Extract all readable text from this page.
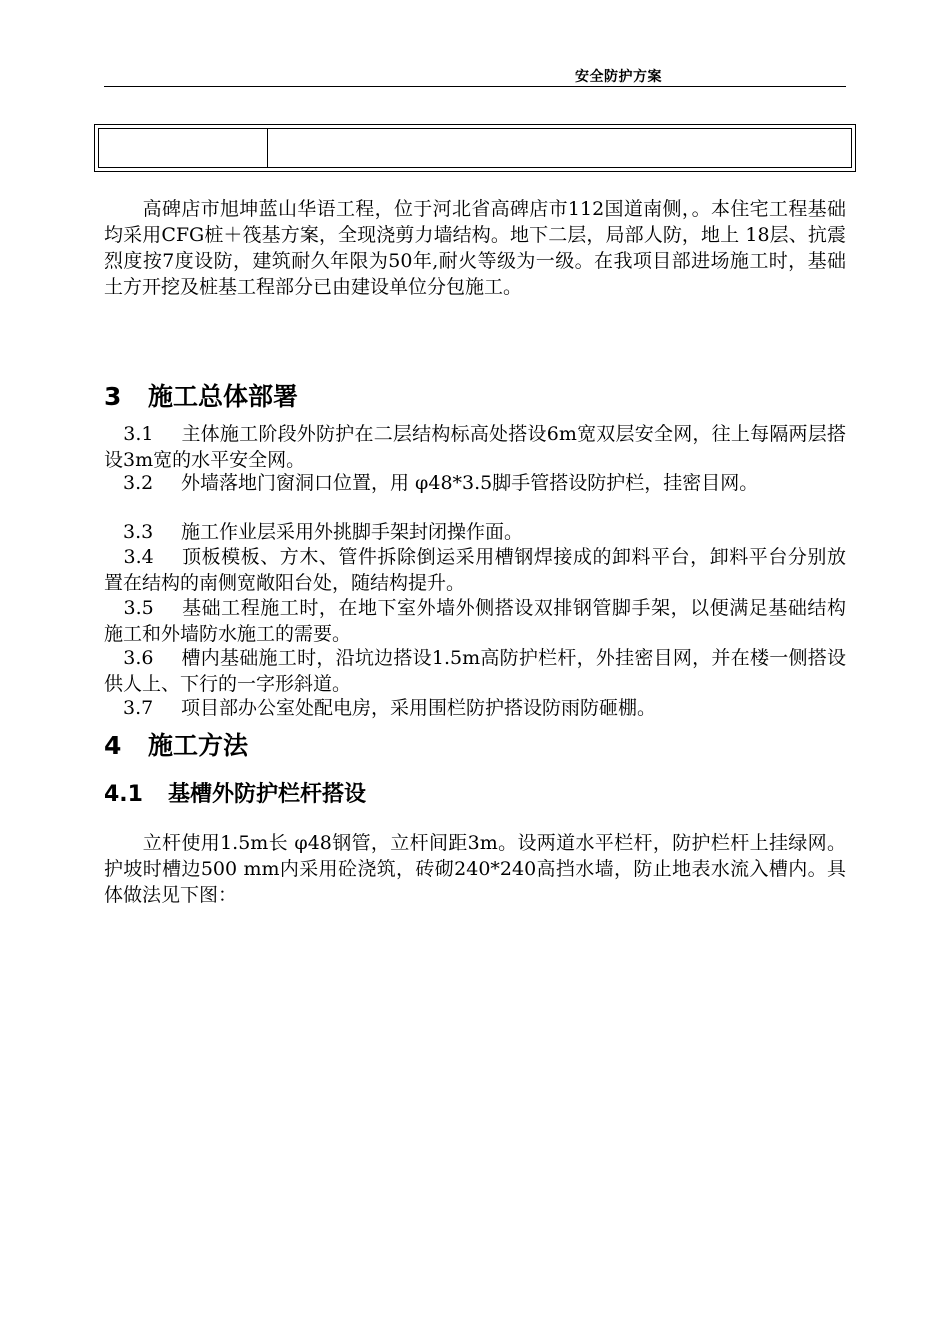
安全防护方案

　　高碑店市旭坤蓝山华语工程，位于河北省高碑店市112国道南侧，。本住宅工程基础均采用CFG桩＋筏基方案，全现浇剪力墙结构。地下二层，局部人防，地上 18层、抗震烈度按7度设防，建筑耐久年限为50年,耐火等级为一级。在我项目部进场施工时，基础土方开挖及桩基工程部分已由建设单位分包施工。

3 施工总体部署

　3.1 主体施工阶段外防护在二层结构标高处搭设6m宽双层安全网，往上每隔两层搭设3m宽的水平安全网。

　3.2 外墙落地门窗洞口位置，用 φ48*3.5脚手管搭设防护栏，挂密目网。

　3.3 施工作业层采用外挑脚手架封闭操作面。

　3.4 顶板模板、方木、管件拆除倒运采用槽钢焊接成的卸料平台，卸料平台分别放置在结构的南侧宽敞阳台处，随结构提升。

　3.5 基础工程施工时，在地下室外墙外侧搭设双排钢管脚手架，以便满足基础结构施工和外墙防水施工的需要。

　3.6 槽内基础施工时，沿坑边搭设1.5m高防护栏杆，外挂密目网，并在楼一侧搭设供人上、下行的一字形斜道。

　3.7 项目部办公室处配电房，采用围栏防护搭设防雨防砸棚。

4 施工方法
4.1 基槽外防护栏杆搭设

　　立杆使用1.5m长 φ48钢管，立杆间距3m。设两道水平栏杆，防护栏杆上挂绿网。护坡时槽边500 mm内采用砼浇筑，砖砌240*240高挡水墙，防止地表水流入槽内。具体做法见下图：
